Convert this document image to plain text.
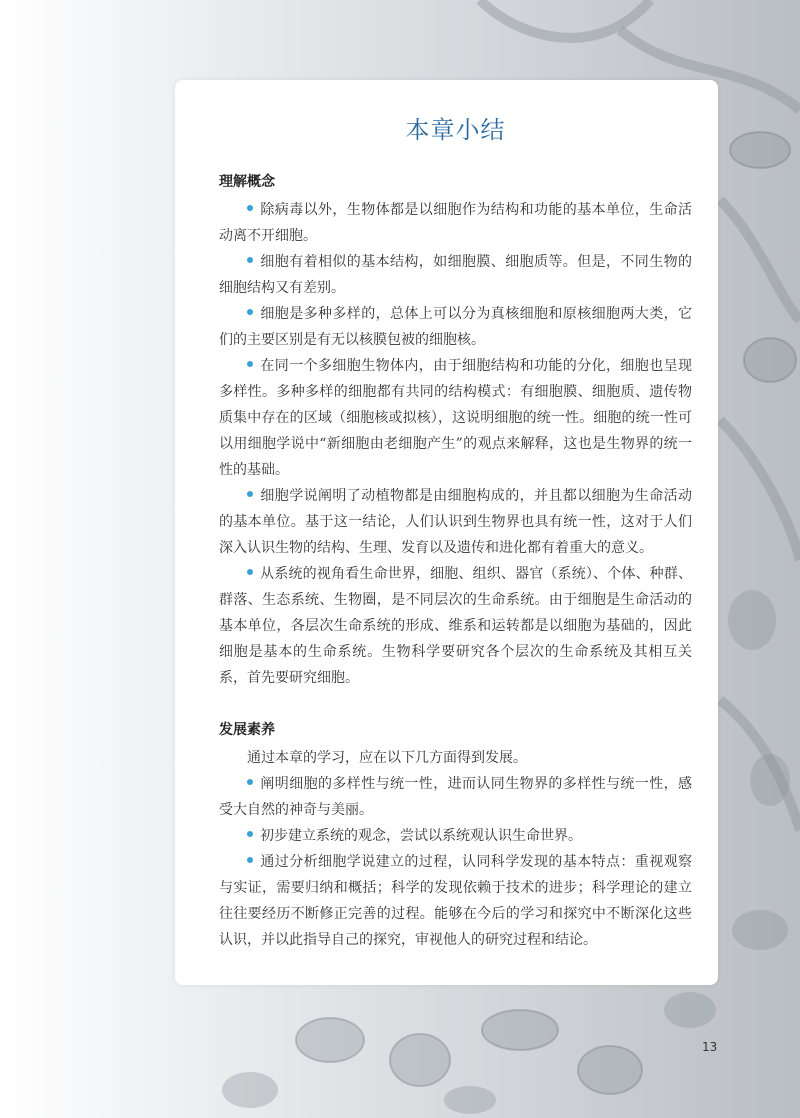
本章小结
理解概念

除病毒以外，生物体都是以细胞作为结构和功能的基本单位，生命活动离不开细胞。

细胞有着相似的基本结构，如细胞膜、细胞质等。但是，不同生物的细胞结构又有差别。

细胞是多种多样的，总体上可以分为真核细胞和原核细胞两大类，它们的主要区别是有无以核膜包被的细胞核。

在同一个多细胞生物体内，由于细胞结构和功能的分化，细胞也呈现多样性。多种多样的细胞都有共同的结构模式：有细胞膜、细胞质、遗传物质集中存在的区域（细胞核或拟核），这说明细胞的统一性。细胞的统一性可以用细胞学说中“新细胞由老细胞产生”的观点来解释，这也是生物界的统一性的基础。

细胞学说阐明了动植物都是由细胞构成的，并且都以细胞为生命活动的基本单位。基于这一结论，人们认识到生物界也具有统一性，这对于人们深入认识生物的结构、生理、发育以及遗传和进化都有着重大的意义。

从系统的视角看生命世界，细胞、组织、器官（系统）、个体、种群、群落、生态系统、生物圈，是不同层次的生命系统。由于细胞是生命活动的基本单位，各层次生命系统的形成、维系和运转都是以细胞为基础的，因此细胞是基本的生命系统。生物科学要研究各个层次的生命系统及其相互关系，首先要研究细胞。

发展素养

通过本章的学习，应在以下几方面得到发展。

阐明细胞的多样性与统一性，进而认同生物界的多样性与统一性，感受大自然的神奇与美丽。

初步建立系统的观念，尝试以系统观认识生命世界。

通过分析细胞学说建立的过程，认同科学发现的基本特点：重视观察与实证，需要归纳和概括；科学的发现依赖于技术的进步；科学理论的建立往往要经历不断修正完善的过程。能够在今后的学习和探究中不断深化这些认识，并以此指导自己的探究，审视他人的研究过程和结论。

13
